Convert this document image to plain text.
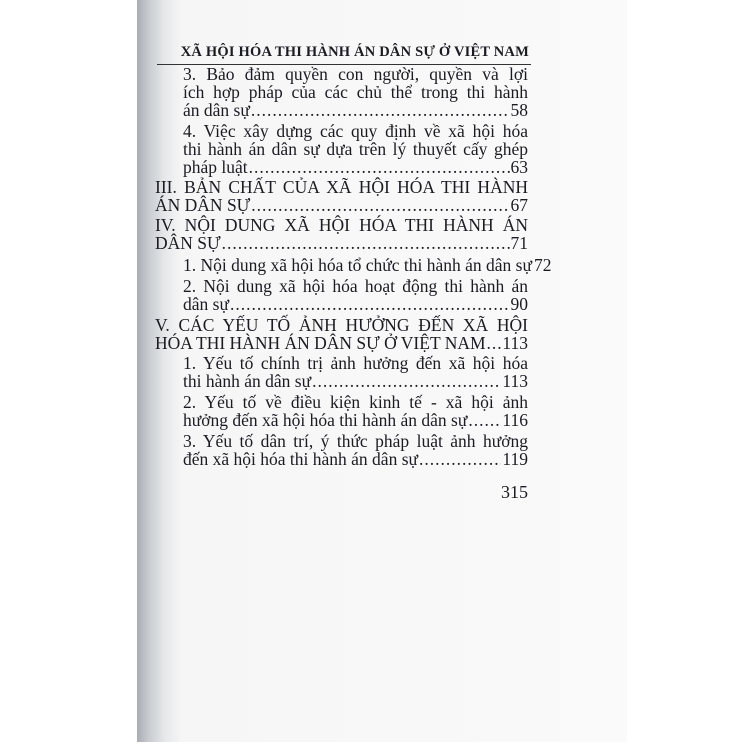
XÃ HỘI HÓA THI HÀNH ÁN DÂN SỰ Ở VIỆT NAM
3. Bảo đảm quyền con người, quyền và lợi
ích hợp pháp của các chủ thể trong thi hành
án dân sự .....	58
4. Việc xây dựng các quy định về xã hội hóa
thi hành án dân sự dựa trên lý thuyết cấy ghép
pháp luật .....	63
III. BẢN CHẤT CỦA XÃ HỘI HÓA THI HÀNH
ÁN DÂN SỰ .....	67
IV. NỘI DUNG XÃ HỘI HÓA THI HÀNH ÁN
DÂN SỰ .....	71
1. Nội dung xã hội hóa tổ chức thi hành án dân sự 72
2. Nội dung xã hội hóa hoạt động thi hành án
dân sự .....	90
V. CÁC YẾU TỐ ẢNH HƯỞNG ĐẾN XÃ HỘI
HÓA THI HÀNH ÁN DÂN SỰ Ở VIỆT NAM ..... 113
1. Yếu tố chính trị ảnh hưởng đến xã hội hóa
thi hành án dân sự .....	113
2. Yếu tố về điều kiện kinh tế - xã hội ảnh
hưởng đến xã hội hóa thi hành án dân sự ..... 116
3. Yếu tố dân trí, ý thức pháp luật ảnh hưởng
đến xã hội hóa thi hành án dân sự .....	119
315
